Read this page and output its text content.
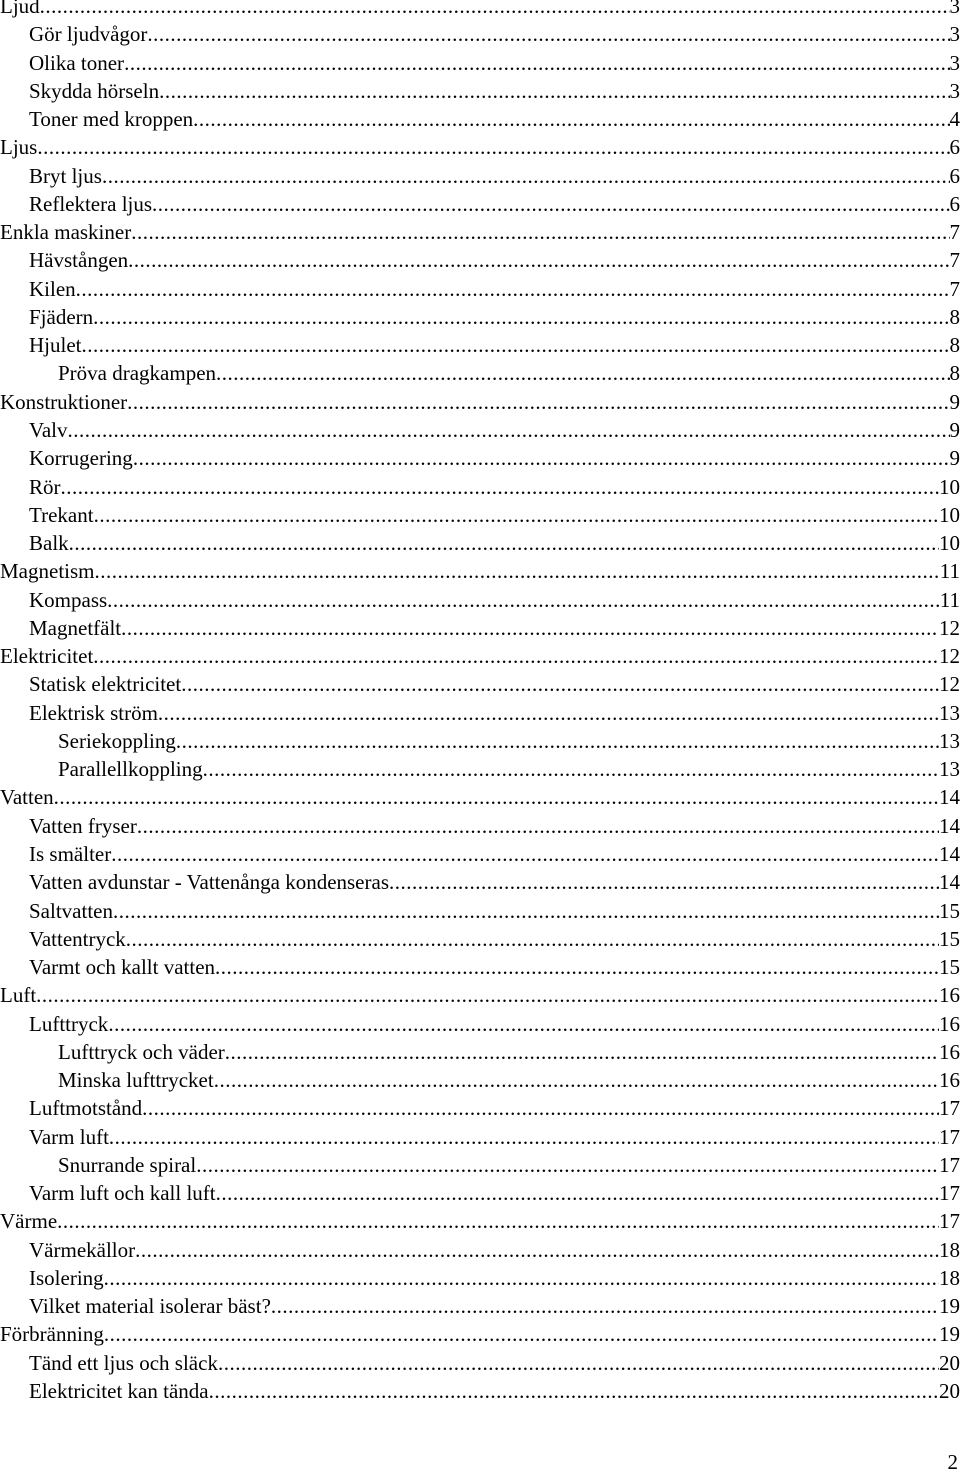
Ljud .....	3
Gör ljudvågor .....	3
Olika toner .....	3
Skydda hörseln .....	3
Toner med kroppen .....	4
Ljus .....	6
Bryt ljus .....	6
Reflektera ljus .....	6
Enkla maskiner .....	7
Hävstången .....	7
Kilen .....	7
Fjädern .....	8
Hjulet .....	8
Pröva dragkampen .....	8
Konstruktioner .....	9
Valv .....	9
Korrugering .....	9
Rör .....	10
Trekant .....	10
Balk .....	10
Magnetism .....	11
Kompass .....	11
Magnetfält .....	12
Elektricitet .....	12
Statisk elektricitet .....	12
Elektrisk ström .....	13
Seriekoppling .....	13
Parallellkoppling .....	13
Vatten .....	14
Vatten fryser .....	14
Is smälter .....	14
Vatten avdunstar - Vattenånga kondenseras .....	14
Saltvatten .....	15
Vattentryck .....	15
Varmt och kallt vatten .....	15
Luft .....	16
Lufttryck .....	16
Lufttryck och väder .....	16
Minska lufttrycket .....	16
Luftmotstånd .....	17
Varm luft .....	17
Snurrande spiral .....	17
Varm luft och kall luft .....	17
Värme .....	17
Värmekällor .....	18
Isolering .....	18
Vilket material isolerar bäst? .....	19
Förbränning .....	19
Tänd ett ljus och släck .....	20
Elektricitet kan tända .....	20
2
